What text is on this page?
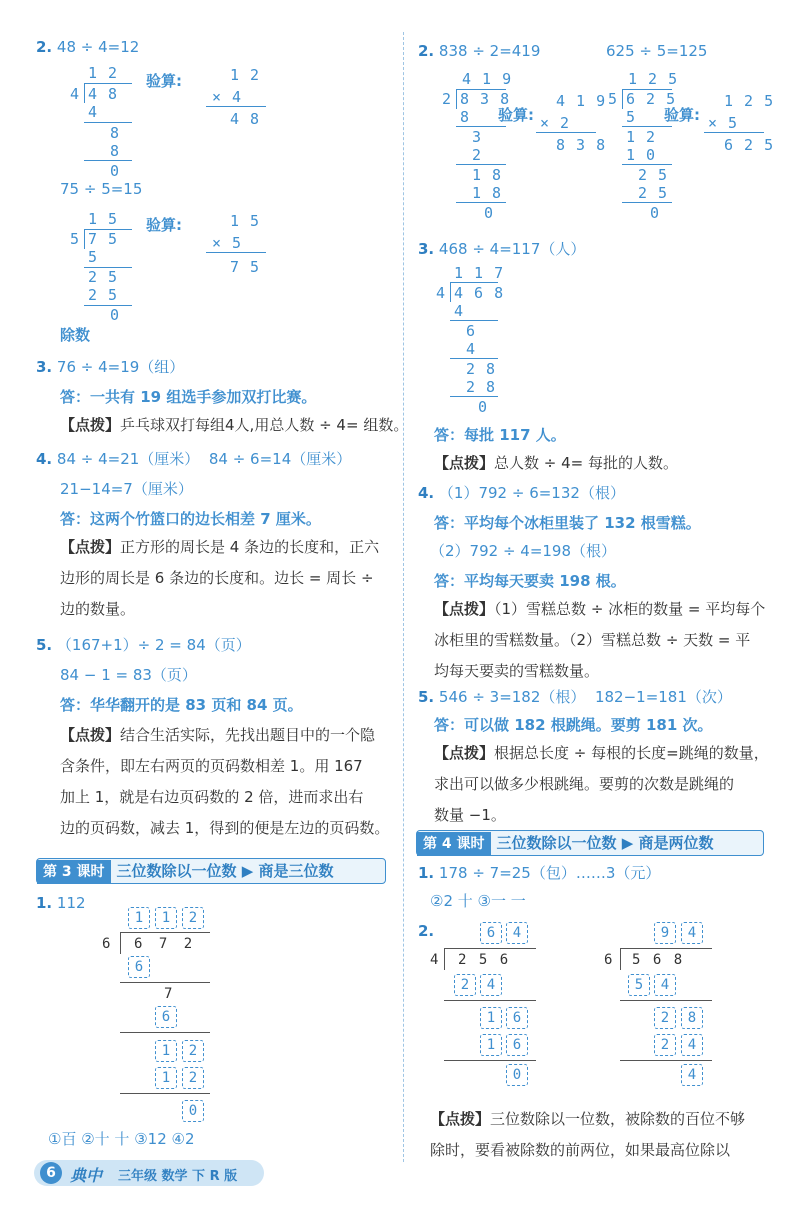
2. 48 ÷ 4=12
1 2
4 4 8
4
8
8
0
验算:	1 2
× 4
4 8
75 ÷ 5=15
1 5
5 7 5
5
2 5
2 5
0
验算:	1 5
× 5
7 5
除数
3. 76 ÷ 4=19（组）
答：一共有 19 组选手参加双打比赛。
【点拨】乒乓球双打每组4人,用总人数 ÷ 4= 组数。
4. 84 ÷ 4=21（厘米） 84 ÷ 6=14（厘米）
21−14=7（厘米）
答：这两个竹篮口的边长相差 7 厘米。
【点拨】正方形的周长是 4 条边的长度和，正六
边形的周长是 6 条边的长度和。边长 = 周长 ÷
边的数量。
5. （167+1）÷ 2 = 84（页）
84 − 1 = 83（页）
答：华华翻开的是 83 页和 84 页。
【点拨】结合生活实际，先找出题目中的一个隐
含条件，即左右两页的页码数相差 1。用 167
加上 1，就是右边页码数的 2 倍，进而求出右
边的页码数，减去 1，得到的便是左边的页码数。
第 3 课时 三位数除以一位数 ▶ 商是三位数
1. 112
1	1	2
6 6 7 2
6
7
6
1	2
1	2
0
①百 ②十 十 ③12 ④2
2. 838 ÷ 2=419	625 ÷ 5=125
4 1 9
2 8 3 8
8
3
2
1 8
1 8
0
验算:
4 1 9
× 2
8 3 8
1 2 5
5 6 2 5
5
1 2
1 0
2 5
2 5
0
验算:
1 2 5
× 5
6 2 5
3. 468 ÷ 4=117（人）
1 1 7
4 4 6 8
4
6
4
2 8
2 8
0
答：每批 117 人。
【点拨】总人数 ÷ 4= 每批的人数。
4. （1）792 ÷ 6=132（根）
答：平均每个冰柜里装了 132 根雪糕。
（2）792 ÷ 4=198（根）
答：平均每天要卖 198 根。
【点拨】（1）雪糕总数 ÷ 冰柜的数量 = 平均每个
冰柜里的雪糕数量。（2）雪糕总数 ÷ 天数 = 平
均每天要卖的雪糕数量。
5. 546 ÷ 3=182（根） 182−1=181（次）
答：可以做 182 根跳绳。要剪 181 次。
【点拨】根据总长度 ÷ 每根的长度=跳绳的数量，
求出可以做多少根跳绳。要剪的次数是跳绳的
数量 −1。
第 4 课时 三位数除以一位数 ▶ 商是两位数
1. 178 ÷ 7=25（包）……3（元）
②2 十 ③一 一
2.	6	4
4 2 5 6
2	4
1	6
1	6
0
9	4
6 5 6 8
5	4
2	8
2	4
4
【点拨】三位数除以一位数，被除数的百位不够
除时，要看被除数的前两位，如果最高位除以
6 典中 三年级 数学 下 R 版
